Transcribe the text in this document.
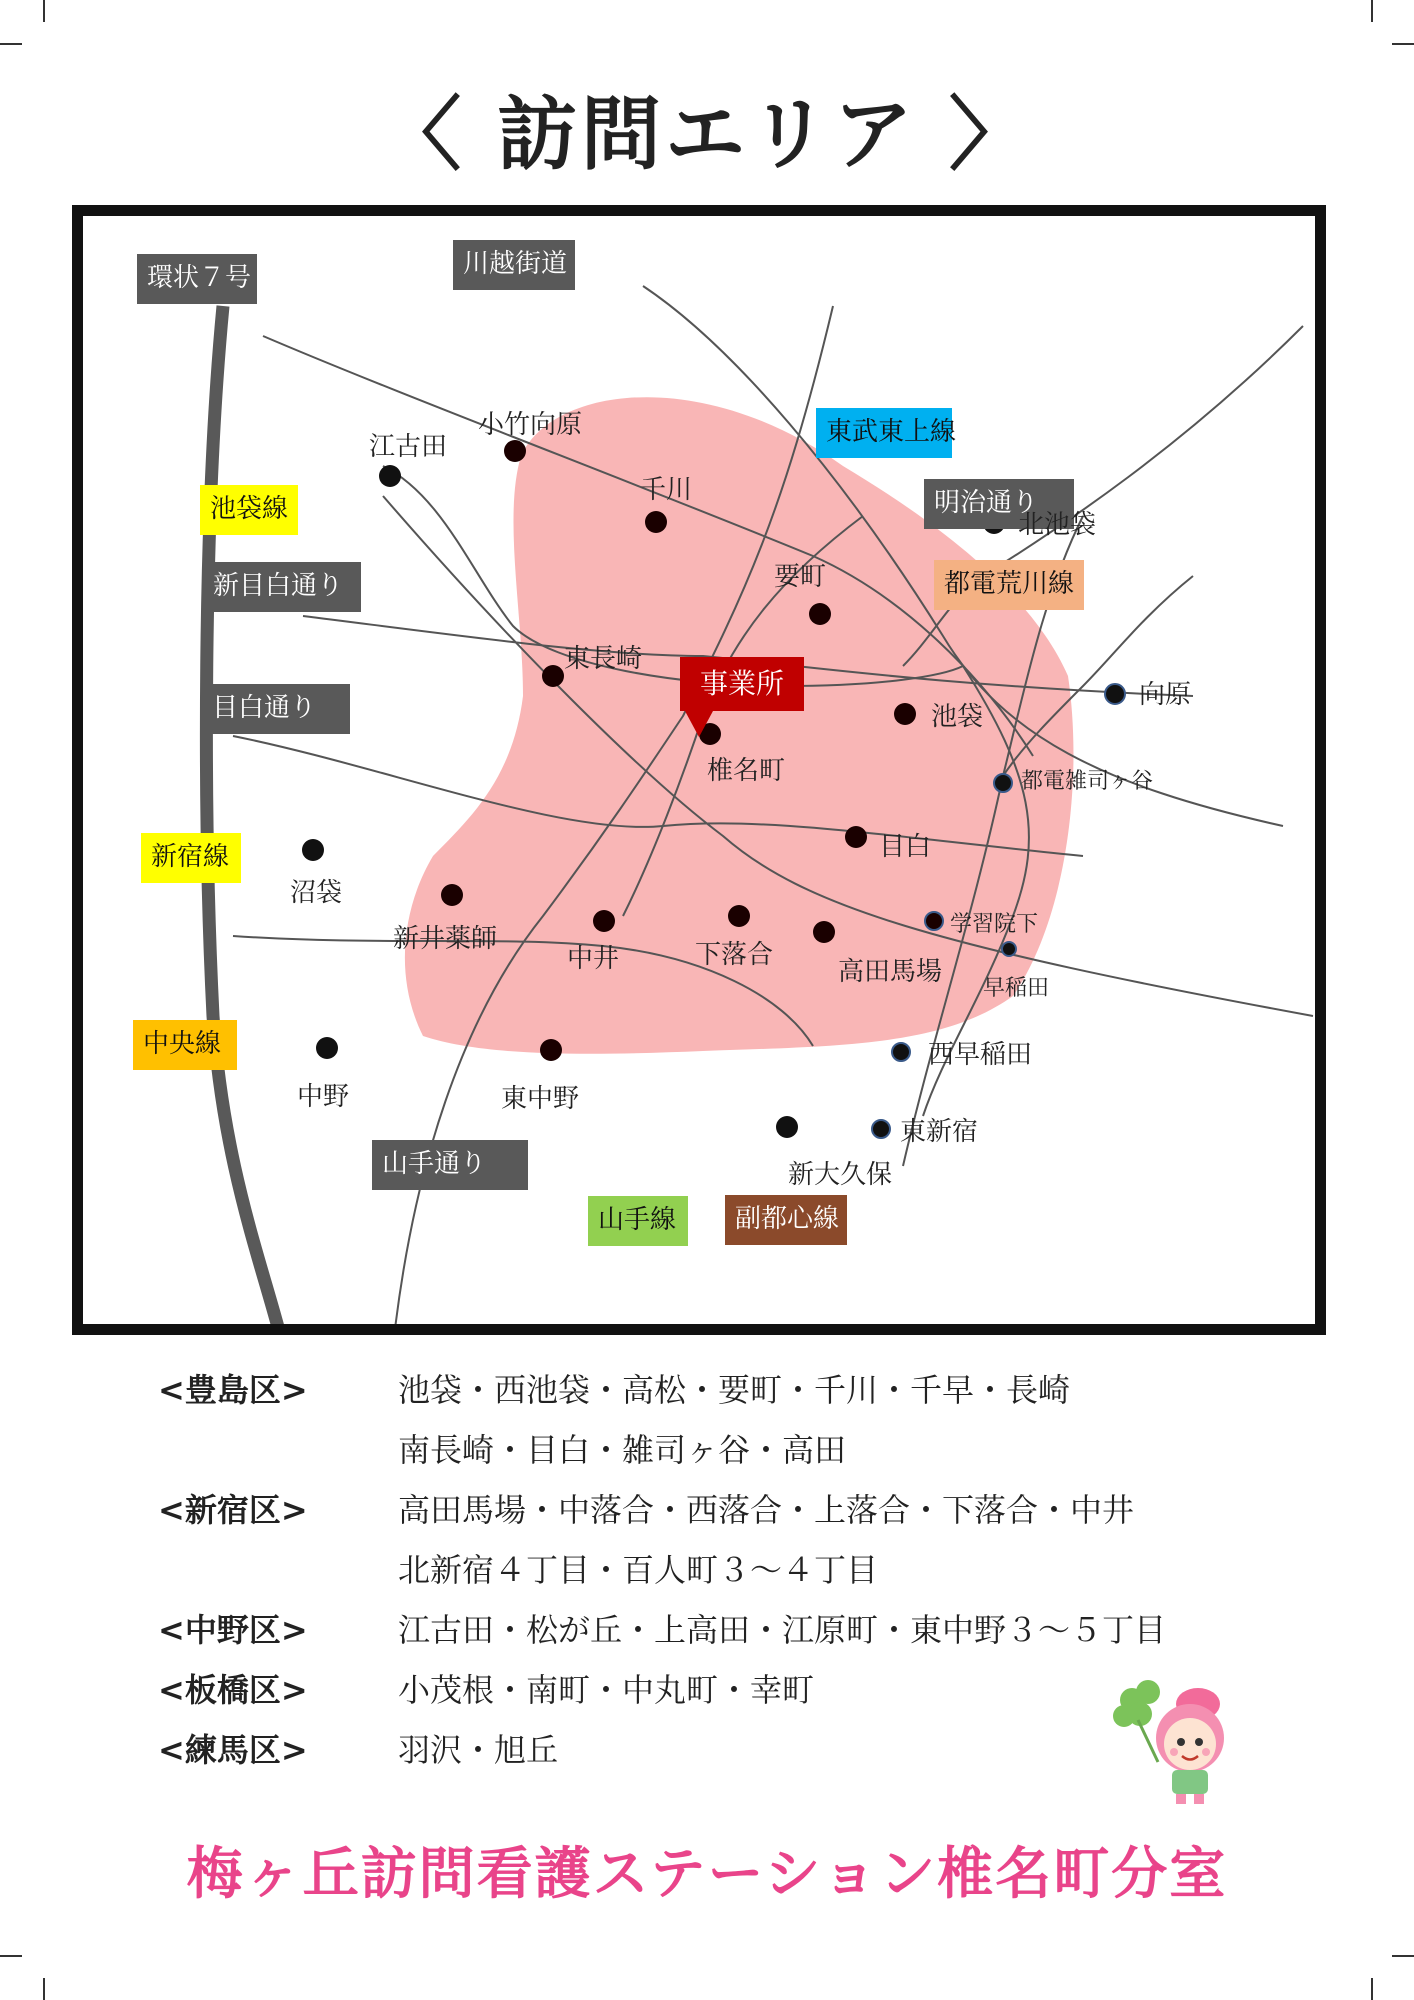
〈 訪問エリア 〉
環状７号	川越街道
東武東上線
池袋線	明治通り
新目白通り	都電荒川線
目白通り
新宿線
中央線
山手通り
山手線	副都心線
事業所
小竹向原
江古田
千川
要町
北池袋
東長崎
椎名町
池袋
向原
都電雑司ヶ谷
目白
沼袋
新井薬師
中井	下落合
高田馬場
学習院下
早稲田
中野	東中野
西早稲田
新大久保
東新宿
<豊島区>	池袋・西池袋・高松・要町・千川・千早・長崎
南長崎・目白・雑司ヶ谷・高田
<新宿区>	高田馬場・中落合・西落合・上落合・下落合・中井
北新宿４丁目・百人町３～４丁目
<中野区>	江古田・松が丘・上高田・江原町・東中野３～５丁目
<板橋区>	小茂根・南町・中丸町・幸町
<練馬区>	羽沢・旭丘
梅ヶ丘訪問看護ステーション椎名町分室
